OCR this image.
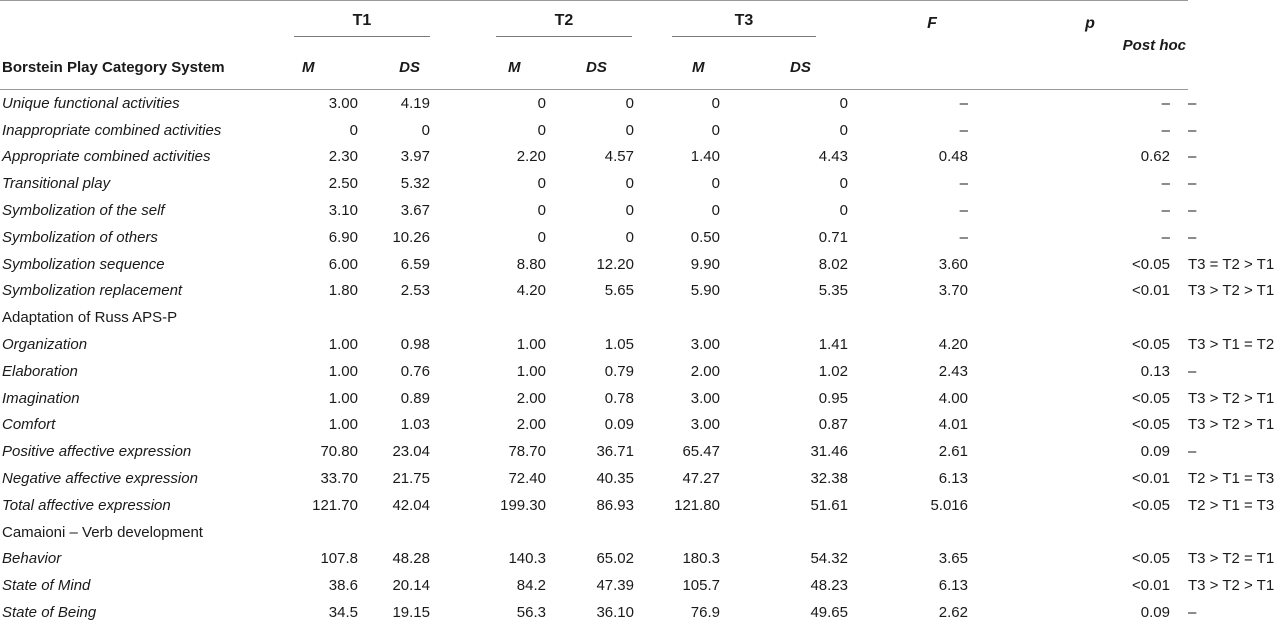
	T1			T2		T3		F	p	
Borstein Play Category System	M	DS		M	DS	M	DS		Post hoc	
Unique functional activities	3.00	4.19		0	0	0	0	–	–	–
Inappropriate combined activities	0	0		0	0	0	0	–	–	–
Appropriate combined activities	2.30	3.97		2.20	4.57	1.40	4.43	0.48	0.62	–
Transitional play	2.50	5.32		0	0	0	0	–	–	–
Symbolization of the self	3.10	3.67		0	0	0	0	–	–	–
Symbolization of others	6.90	10.26		0	0	0.50	0.71	–	–	–
Symbolization sequence	6.00	6.59		8.80	12.20	9.90	8.02	3.60	<0.05	T3 = T2 > T1
Symbolization replacement	1.80	2.53		4.20	5.65	5.90	5.35	3.70	<0.01	T3 > T2 > T1
Adaptation of Russ APS-P										
Organization	1.00	0.98		1.00	1.05	3.00	1.41	4.20	<0.05	T3 > T1 = T2
Elaboration	1.00	0.76		1.00	0.79	2.00	1.02	2.43	0.13	–
Imagination	1.00	0.89		2.00	0.78	3.00	0.95	4.00	<0.05	T3 > T2 > T1
Comfort	1.00	1.03		2.00	0.09	3.00	0.87	4.01	<0.05	T3 > T2 > T1
Positive affective expression	70.80	23.04		78.70	36.71	65.47	31.46	2.61	0.09	–
Negative affective expression	33.70	21.75		72.40	40.35	47.27	32.38	6.13	<0.01	T2 > T1 = T3
Total affective expression	121.70	42.04		199.30	86.93	121.80	51.61	5.016	<0.05	T2 > T1 = T3
Camaioni – Verb development										
Behavior	107.8	48.28		140.3	65.02	180.3	54.32	3.65	<0.05	T3 > T2 = T1
State of Mind	38.6	20.14		84.2	47.39	105.7	48.23	6.13	<0.01	T3 > T2 > T1
State of Being	34.5	19.15		56.3	36.10	76.9	49.65	2.62	0.09	–
